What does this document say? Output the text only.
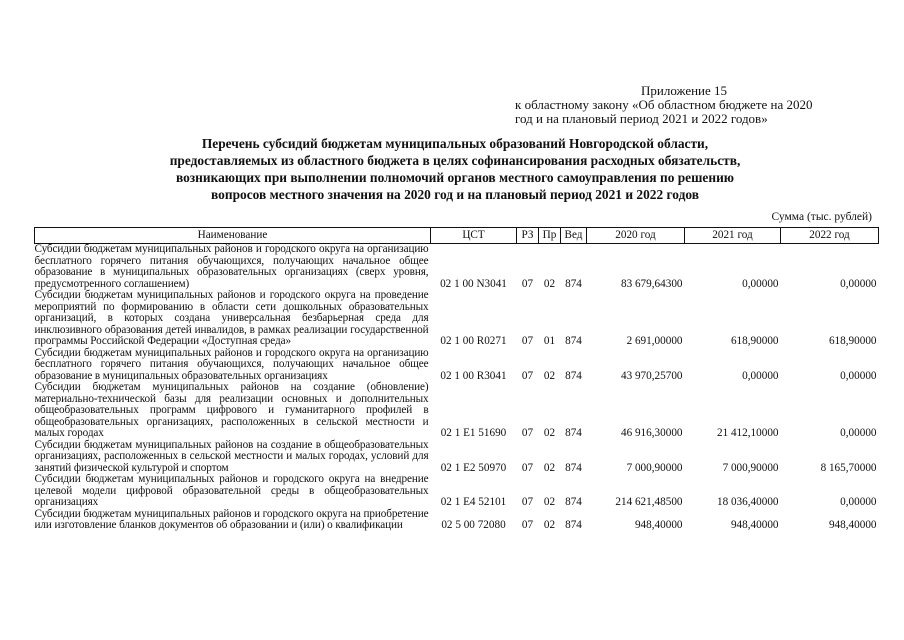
Приложение 15
к областному закону «Об областном бюджете на 2020
год и на плановый период 2021 и 2022 годов»
Перечень субсидий бюджетам муниципальных образований Новгородской области,
предоставляемых из областного бюджета в целях софинансирования расходных обязательств,
возникающих при выполнении полномочий органов местного самоуправления по решению
вопросов местного значения на 2020 год и на плановый период 2021 и 2022 годов
Сумма (тыс. рублей)
Наименование	ЦСТ	РЗ	Пр	Вед	2020 год	2021 год	2022 год
Субсидии бюджетам муниципальных районов и городского округа на организацию бесплатного горячего питания обучающихся, получающих начальное общее образование в муниципальных образовательных организациях (сверх уровня, предусмотренного соглашением)	02 1 00 N3041	07	02	874	83 679,64300	0,00000	0,00000
Субсидии бюджетам муниципальных районов и городского округа на проведение мероприятий по формированию в области сети дошкольных образовательных организаций, в которых создана универсальная безбарьерная среда для инклюзивного образования детей инвалидов, в рамках реализации государственной программы Российской Федерации «Доступная среда»	02 1 00 R0271	07	01	874	2 691,00000	618,90000	618,90000
Субсидии бюджетам муниципальных районов и городского округа на организацию бесплатного горячего питания обучающихся, получающих начальное общее образование в муниципальных образовательных организациях	02 1 00 R3041	07	02	874	43 970,25700	0,00000	0,00000
Субсидии бюджетам муниципальных районов на создание (обновление) материально-технической базы для реализации основных и дополнительных общеобразовательных программ цифрового и гуманитарного профилей в общеобразовательных организациях, расположенных в сельской местности и малых городах	02 1 E1 51690	07	02	874	46 916,30000	21 412,10000	0,00000
Субсидии бюджетам муниципальных районов на создание в общеобразовательных организациях, расположенных в сельской местности и малых городах, условий для занятий физической культурой и спортом	02 1 E2 50970	07	02	874	7 000,90000	7 000,90000	8 165,70000
Субсидии бюджетам муниципальных районов и городского округа на внедрение целевой модели цифровой образовательной среды в общеобразовательных организациях	02 1 E4 52101	07	02	874	214 621,48500	18 036,40000	0,00000
Субсидии бюджетам муниципальных районов и городского округа на приобретение или изготовление бланков документов об образовании и (или) о квалификации	02 5 00 72080	07	02	874	948,40000	948,40000	948,40000
